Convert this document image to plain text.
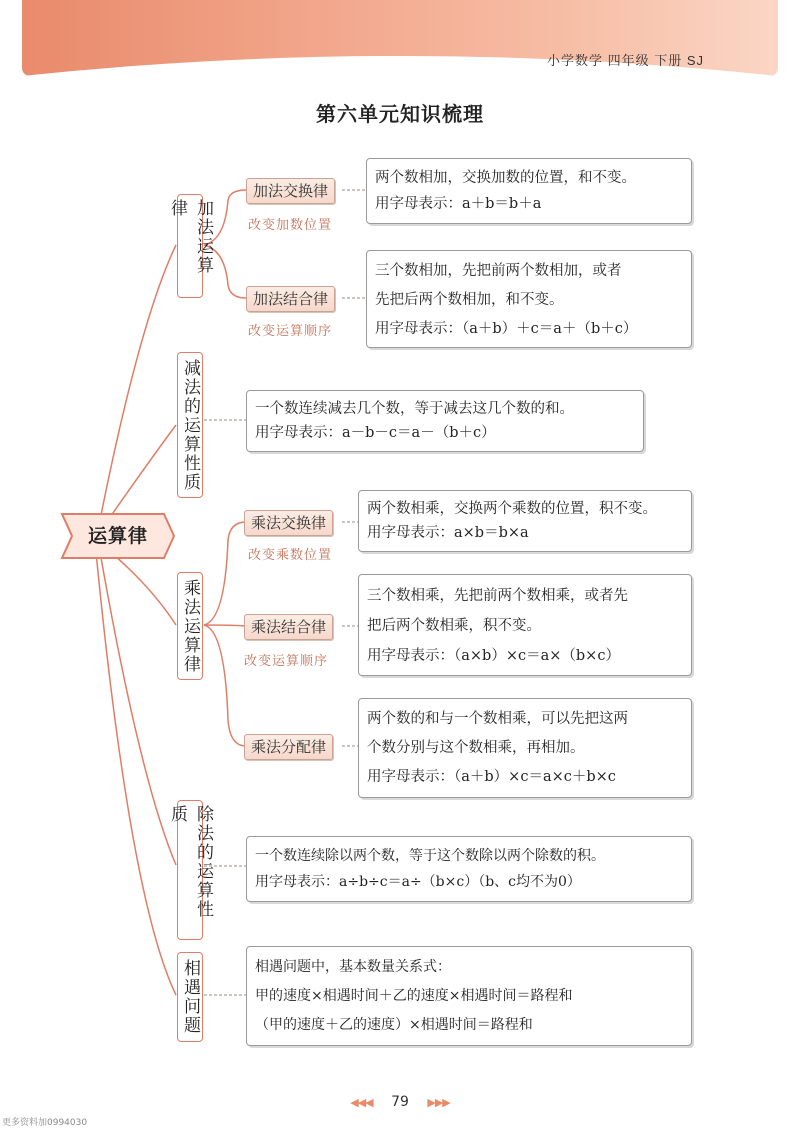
小学数学 四年级 下册 SJ
第六单元知识梳理
运算律
加法运算律
减法的运算性质
乘法运算律
除法的运算性质
相遇问题
加法交换律
改变加数位置
两个数相加，交换加数的位置，和不变。
用字母表示：a＋b＝b＋a
加法结合律
改变运算顺序
三个数相加，先把前两个数相加，或者
先把后两个数相加，和不变。
用字母表示：（a＋b）＋c＝a＋（b＋c）
一个数连续减去几个数，等于减去这几个数的和。
用字母表示：a－b－c＝a－（b＋c）
乘法交换律
改变乘数位置
两个数相乘，交换两个乘数的位置，积不变。
用字母表示：a×b＝b×a
乘法结合律
改变运算顺序
三个数相乘，先把前两个数相乘，或者先
把后两个数相乘，积不变。
用字母表示：（a×b）×c＝a×（b×c）
乘法分配律
两个数的和与一个数相乘，可以先把这两
个数分别与这个数相乘，再相加。
用字母表示：（a＋b）×c＝a×c＋b×c
一个数连续除以两个数，等于这个数除以两个除数的积。
用字母表示：a÷b÷c＝a÷（b×c）（b、c均不为0）
相遇问题中，基本数量关系式：
甲的速度×相遇时间＋乙的速度×相遇时间＝路程和
（甲的速度＋乙的速度）×相遇时间＝路程和
◀◀◀ 79 ▶▶▶
更多资料加0994030
